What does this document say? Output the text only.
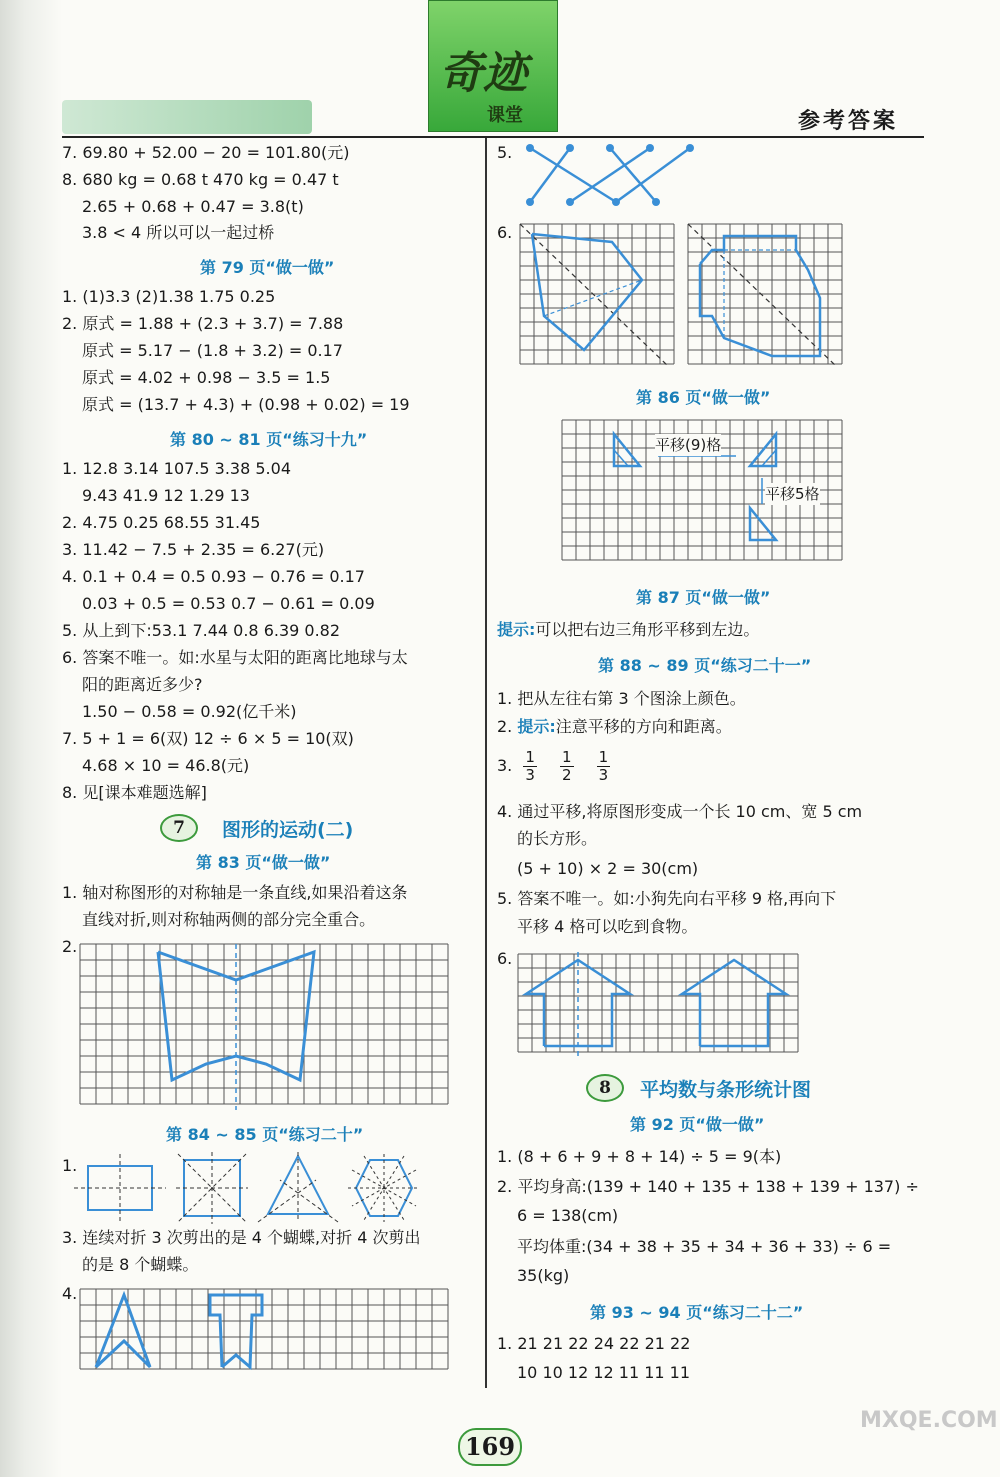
奇迹
课堂	参考答案
7. 69.80 + 52.00 − 20 = 101.80(元)
8. 680 kg = 0.68 t 470 kg = 0.47 t
2.65 + 0.68 + 0.47 = 3.8(t)
3.8 < 4 所以可以一起过桥
第 79 页“做一做”
1. (1)3.3 (2)1.38 1.75 0.25
2. 原式 = 1.88 + (2.3 + 3.7) = 7.88
原式 = 5.17 − (1.8 + 3.2) = 0.17
原式 = 4.02 + 0.98 − 3.5 = 1.5
原式 = (13.7 + 4.3) + (0.98 + 0.02) = 19
第 80 ~ 81 页“练习十九”
1. 12.8 3.14 107.5 3.38 5.04
9.43 41.9 12 1.29 13
2. 4.75 0.25 68.55 31.45
3. 11.42 − 7.5 + 2.35 = 6.27(元)
4. 0.1 + 0.4 = 0.5 0.93 − 0.76 = 0.17
0.03 + 0.5 = 0.53 0.7 − 0.61 = 0.09
5. 从上到下:53.1 7.44 0.8 6.39 0.82
6. 答案不唯一。如:水星与太阳的距离比地球与太
阳的距离近多少?
1.50 − 0.58 = 0.92(亿千米)
7. 5 + 1 = 6(双) 12 ÷ 6 × 5 = 10(双)
4.68 × 10 = 46.8(元)
8. 见[课本难题选解]
7	图形的运动(二)
第 83 页“做一做”
1. 轴对称图形的对称轴是一条直线,如果沿着这条
直线对折,则对称轴两侧的部分完全重合。
2.
第 84 ~ 85 页“练习二十”
1.
3. 连续对折 3 次剪出的是 4 个蝴蝶,对折 4 次剪出
的是 8 个蝴蝶。
4.
5.
6.
第 86 页“做一做”
平移(9)格
平移5格
第 87 页“做一做”
提示:可以把右边三角形平移到左边。
第 88 ~ 89 页“练习二十一”
1. 把从左往右第 3 个图涂上颜色。
2. 提示:注意平移的方向和距离。
3. $\frac{1}{3}$
$\frac{1}{2}$
$\frac{1}{3}$
4. 通过平移,将原图形变成一个长 10 cm、宽 5 cm
的长方形。
(5 + 10) × 2 = 30(cm)
5. 答案不唯一。如:小狗先向右平移 9 格,再向下
平移 4 格可以吃到食物。
6.
8	平均数与条形统计图
第 92 页“做一做”
1. (8 + 6 + 9 + 8 + 14) ÷ 5 = 9(本)
2. 平均身高:(139 + 140 + 135 + 138 + 139 + 137) ÷
6 = 138(cm)
平均体重:(34 + 38 + 35 + 34 + 36 + 33) ÷ 6 =
35(kg)
第 93 ~ 94 页“练习二十二”
1. 21 21 22 24 22 21 22
10 10 12 12 11 11 11
169
MXQE.COM
